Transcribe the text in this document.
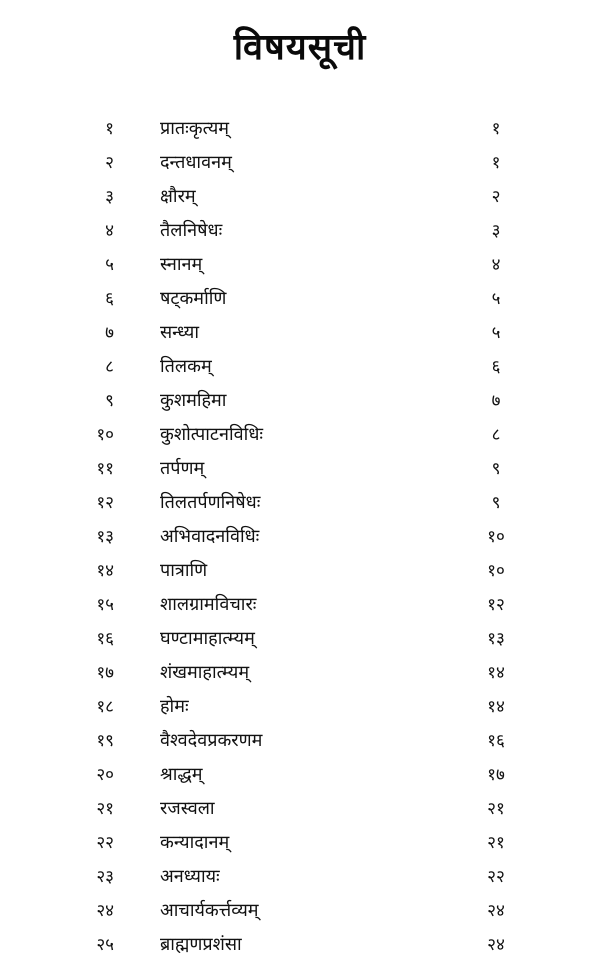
विषयसूची
१	प्रातःकृत्यम्	१
२	दन्तधावनम्	१
३	क्षौरम्	२
४	तैलनिषेधः	३
५	स्नानम्	४
६	षट्कर्माणि	५
७	सन्ध्या	५
८	तिलकम्	६
९	कुशमहिमा	७
१०	कुशोत्पाटनविधिः	८
११	तर्पणम्	९
१२	तिलतर्पणनिषेधः	९
१३	अभिवादनविधिः	१०
१४	पात्राणि	१०
१५	शालग्रामविचारः	१२
१६	घण्टामाहात्म्यम्	१३
१७	शंखमाहात्म्यम्	१४
१८	होमः	१४
१९	वैश्वदेवप्रकरणम	१६
२०	श्राद्धम्	१७
२१	रजस्वला	२१
२२	कन्यादानम्	२१
२३	अनध्यायः	२२
२४	आचार्यकर्त्तव्यम्	२४
२५	ब्राह्मणप्रशंसा	२४
